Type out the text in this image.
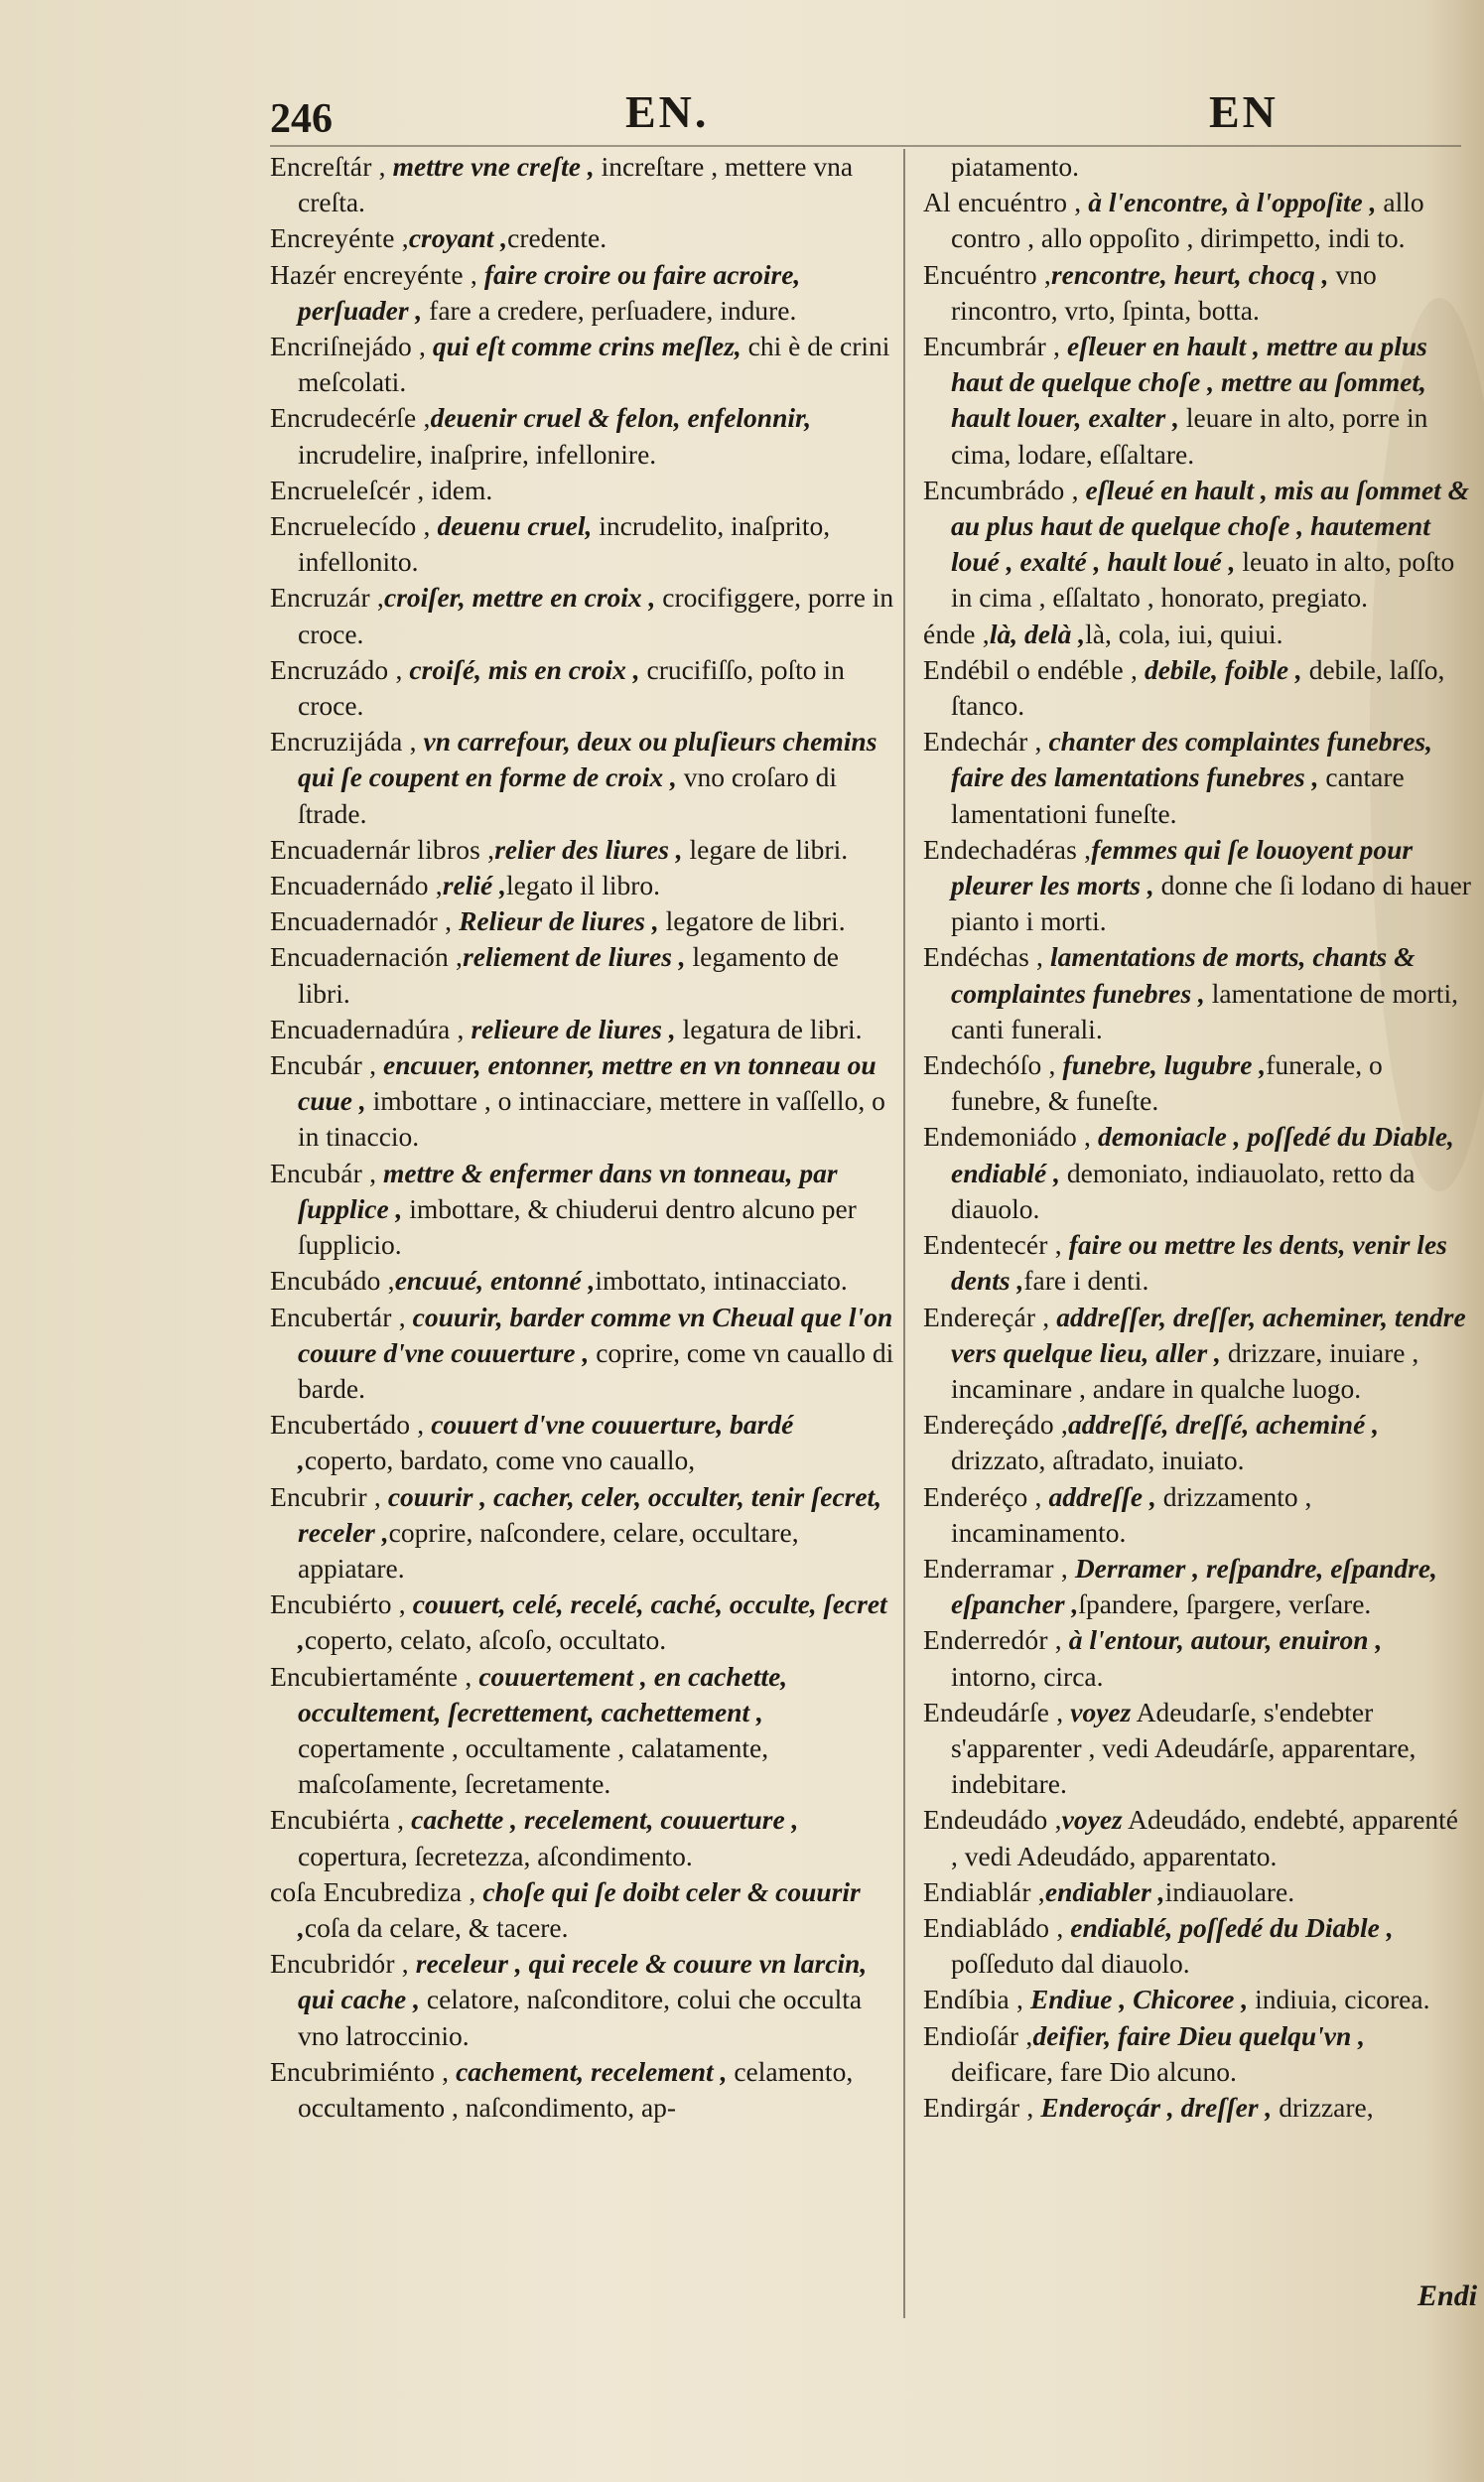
246	EN.	EN

Encreſtár , mettre vne creſte , increſtare , mettere vna creſta.

Encreyénte ,croyant ,credente.

Hazér encreyénte , faire croire ou faire acroire, perſuader , fare a credere, perſuadere, indure.

Encriſnejádo , qui eſt comme crins meſlez, chi è de crini meſcolati.

Encrudecérſe ,deuenir cruel & felon, enfelonnir, incrudelire, inaſprire, infellonire.

Encrueleſcér , idem.

Encruelecído , deuenu cruel, incrudelito, inaſprito, infellonito.

Encruzár ,croiſer, mettre en croix , crocifiggere, porre in croce.

Encruzádo , croiſé, mis en croix , crucifiſſo, poſto in croce.

Encruzijáda , vn carrefour, deux ou pluſieurs chemins qui ſe coupent en forme de croix , vno croſaro di ſtrade.

Encuadernár libros ,relier des liures , legare de libri.

Encuadernádo ,relié ,legato il libro.

Encuadernadór , Relieur de liures , legatore de libri.

Encuadernación ,reliement de liures , legamento de libri.

Encuadernadúra , relieure de liures , legatura de libri.

Encubár , encuuer, entonner, mettre en vn tonneau ou cuue , imbottare , o intinacciare, mettere in vaſſello, o in tinaccio.

Encubár , mettre & enfermer dans vn tonneau, par ſupplice , imbottare, & chiuderui dentro alcuno per ſupplicio.

Encubádo ,encuué, entonné ,imbottato, intinacciato.

Encubertár , couurir, barder comme vn Cheual que l'on couure d'vne couuerture , coprire, come vn cauallo di barde.

Encubertádo , couuert d'vne couuerture, bardé ,coperto, bardato, come vno cauallo,

Encubrir , couurir , cacher, celer, occulter, tenir ſecret, receler ,coprire, naſcondere, celare, occultare, appiatare.

Encubiérto , couuert, celé, recelé, caché, occulte, ſecret ,coperto, celato, aſcoſo, occultato.

Encubiertaménte , couuertement , en cachette, occultement, ſecrettement, cachettement , copertamente , occultamente , calatamente, maſcoſamente, ſecretamente.

Encubiérta , cachette , recelement, couuerture , copertura, ſecretezza, aſcondimento.

coſa Encubrediza , choſe qui ſe doibt celer & couurir ,coſa da celare, & tacere.

Encubridór , receleur , qui recele & couure vn larcin, qui cache , celatore, naſconditore, colui che occulta vno latroccinio.

Encubrimiénto , cachement, recelement , celamento, occultamento , naſcondimento, ap-

piatamento.

Al encuéntro , à l'encontre, à l'oppoſite , allo contro , allo oppoſito , dirimpetto, indi to.

Encuéntro ,rencontre, heurt, chocq , vno rincontro, vrto, ſpinta, botta.

Encumbrár , eſleuer en hault , mettre au plus haut de quelque choſe , mettre au ſommet, hault louer, exalter , leuare in alto, porre in cima, lodare, eſſaltare.

Encumbrádo , eſleué en hault , mis au ſommet & au plus haut de quelque choſe , hautement loué , exalté , hault loué , leuato in alto, poſto in cima , eſſaltato , honorato, pregiato.

énde ,là, delà ,là, cola, iui, quiui.

Endébil o endéble , debile, foible , debile, laſſo, ſtanco.

Endechár , chanter des complaintes funebres, faire des lamentations funebres , cantare lamentationi funeſte.

Endechadéras ,femmes qui ſe louoyent pour pleurer les morts , donne che ſi lodano di hauer pianto i morti.

Endéchas , lamentations de morts, chants & complaintes funebres , lamentatione de morti, canti funerali.

Endechóſo , funebre, lugubre ,funerale, o funebre, & funeſte.

Endemoniádo , demoniacle , poſſedé du Diable, endiablé , demoniato, indiauolato, retto da diauolo.

Endentecér , faire ou mettre les dents, venir les dents ,fare i denti.

Endereçár , addreſſer, dreſſer, acheminer, tendre vers quelque lieu, aller , drizzare, inuiare , incaminare , andare in qualche luogo.

Endereçádo ,addreſſé, dreſſé, acheminé , drizzato, aſtradato, inuiato.

Enderéço , addreſſe , drizzamento , incaminamento.

Enderramar , Derramer , reſpandre, eſpandre, eſpancher ,ſpandere, ſpargere, verſare.

Enderredór , à l'entour, autour, enuiron , intorno, circa.

Endeudárſe , voyez Adeudarſe, s'endebter s'apparenter , vedi Adeudárſe, apparentare, indebitare.

Endeudádo ,voyez Adeudádo, endebté, apparenté , vedi Adeudádo, apparentato.

Endiablár ,endiabler ,indiauolare.

Endiabládo , endiablé, poſſedé du Diable , poſſeduto dal diauolo.

Endíbia , Endiue , Chicoree , indiuia, cicorea.

Endioſár ,deifier, faire Dieu quelqu'vn , deificare, fare Dio alcuno.

Endirgár , Enderoçár , dreſſer , drizzare,

Endi
